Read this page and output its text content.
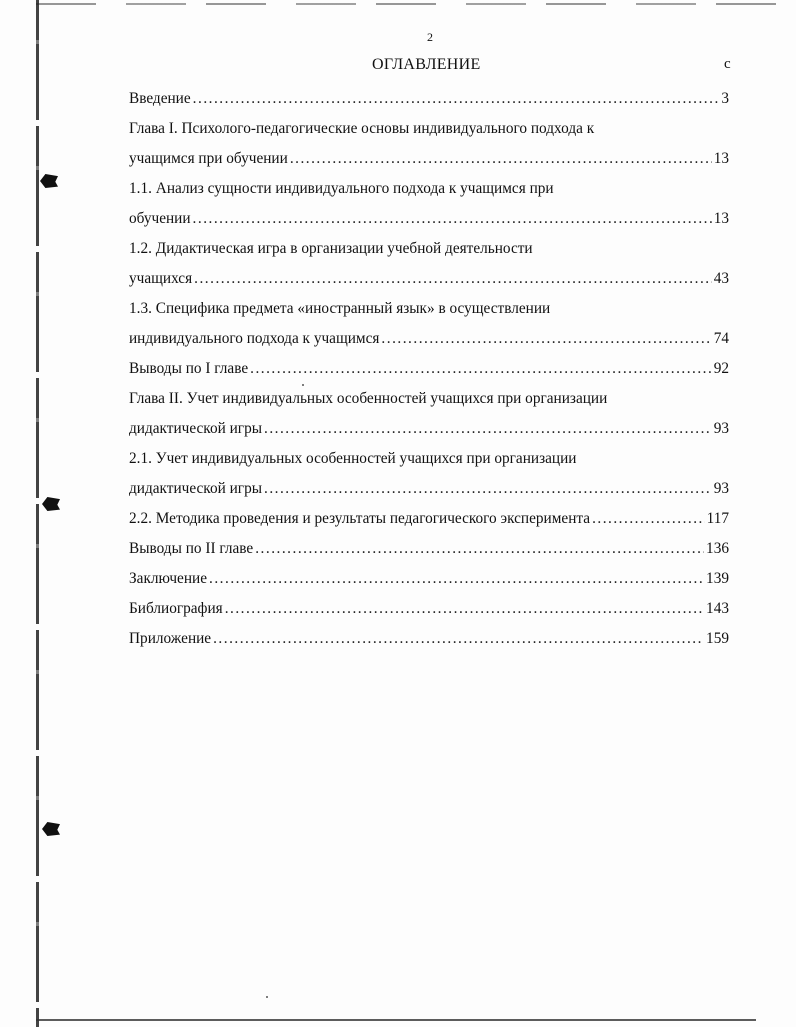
2
ОГЛАВЛЕНИЕ	с
Введение .....	3
Глава I. Психолого-педагогические основы индивидуального подхода к
учащимся при обучении .....	13
1.1. Анализ сущности индивидуального подхода к учащимся при
обучении .....	13
1.2. Дидактическая игра в организации учебной деятельности
учащихся .....	43
1.3. Специфика предмета «иностранный язык» в осуществлении
индивидуального подхода к учащимся .....	74
Выводы по I главе .....	92
Глава II. Учет индивидуальных особенностей учащихся при организации
дидактической игры .....	93
2.1. Учет индивидуальных особенностей учащихся при организации
дидактической игры .....	93
2.2. Методика проведения и результаты педагогического эксперимента .....	117
Выводы по II главе .....	136
Заключение .....	139
Библиография .....	143
Приложение .....	159
